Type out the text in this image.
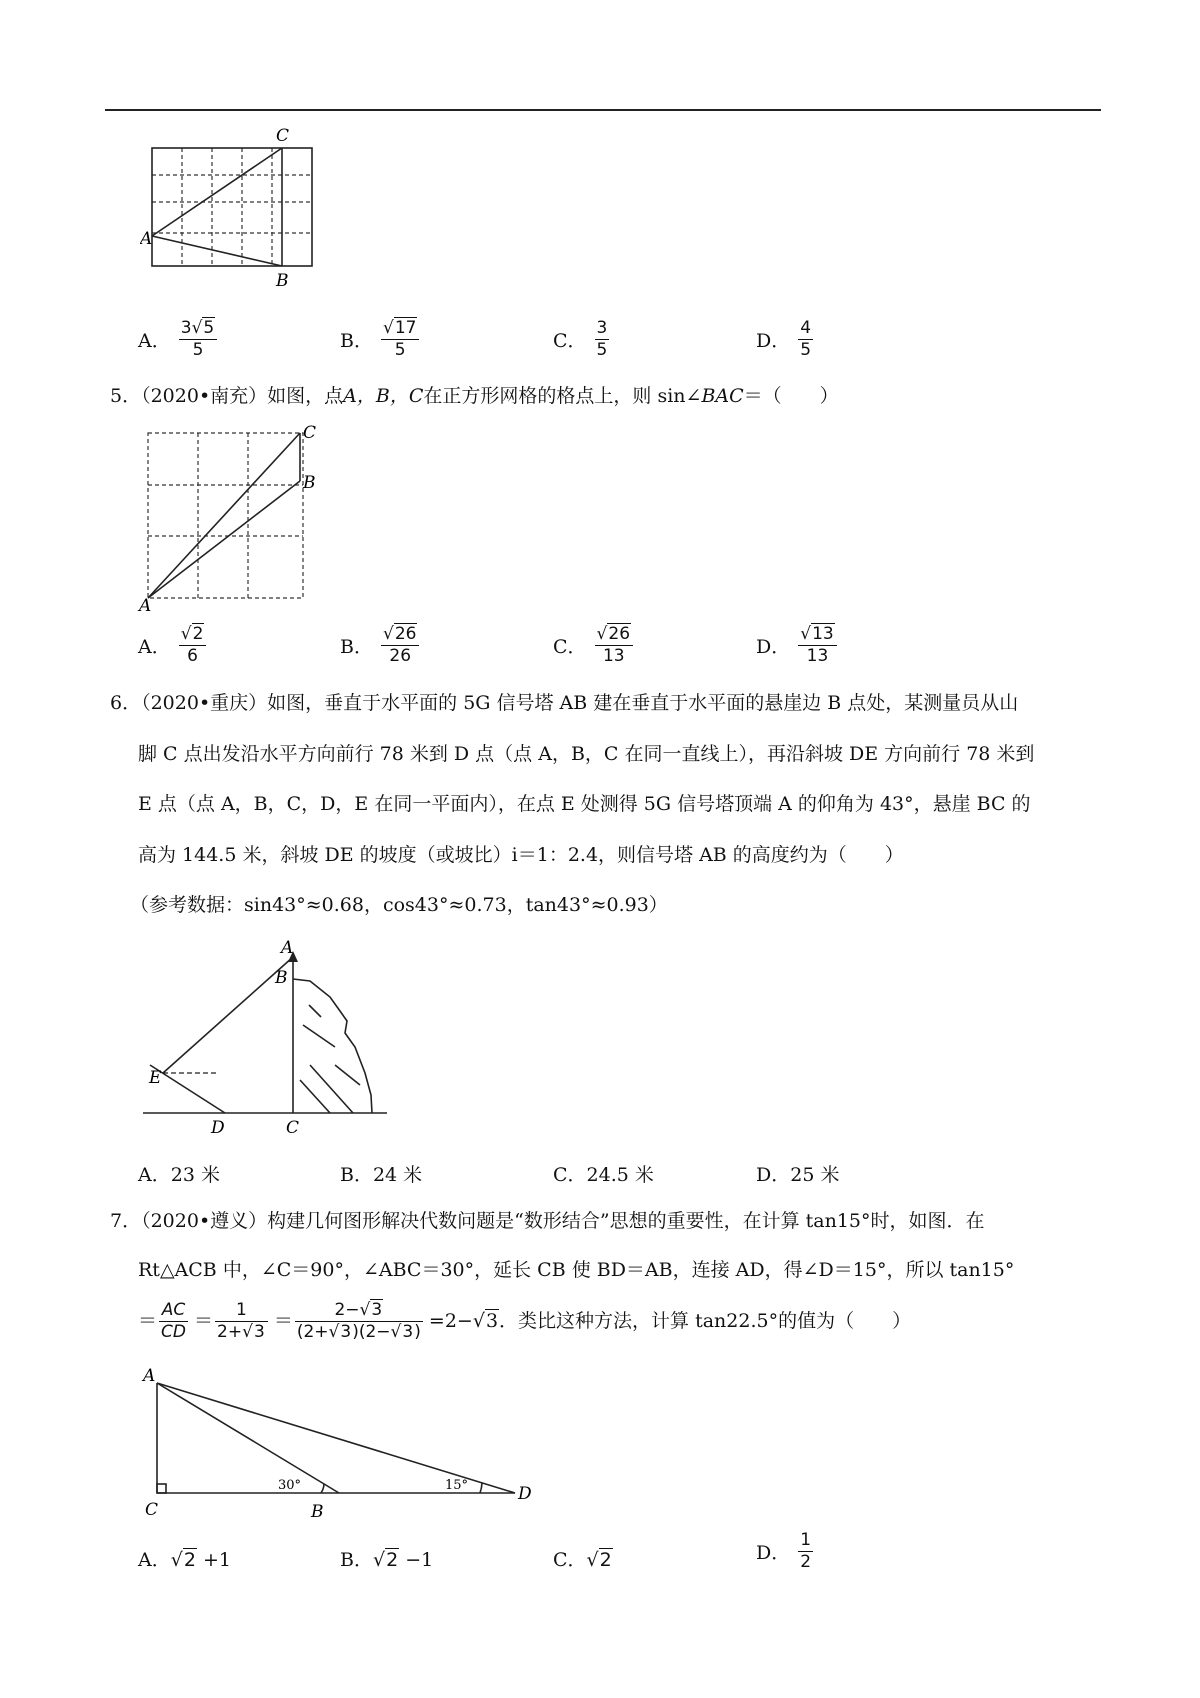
C
A
B
A． $\frac{3√5}{5}$	B． $\frac{√17}{5}$	C． $\frac{3}{5}$	D． $\frac{4}{5}$
5．（2020•南充）如图，点A，B，C在正方形网格的格点上，则 sin∠BAC＝（　　）
C
B
A
A． $\frac{√2}{6}$	B． $\frac{√26}{26}$	C． $\frac{√26}{13}$	D． $\frac{√13}{13}$
6．（2020•重庆）如图，垂直于水平面的 5G 信号塔 AB 建在垂直于水平面的悬崖边 B 点处，某测量员从山
脚 C 点出发沿水平方向前行 78 米到 D 点（点 A，B，C 在同一直线上），再沿斜坡 DE 方向前行 78 米到
E 点（点 A，B，C，D，E 在同一平面内），在点 E 处测得 5G 信号塔顶端 A 的仰角为 43°，悬崖 BC 的
高为 144.5 米，斜坡 DE 的坡度（或坡比）i＝1：2.4，则信号塔 AB 的高度约为（　　）
（参考数据：sin43°≈0.68，cos43°≈0.73，tan43°≈0.93）
A
B
E
D	C
A．23 米	B．24 米	C．24.5 米	D．25 米
7．（2020•遵义）构建几何图形解决代数问题是“数形结合”思想的重要性，在计算 tan15°时，如图．在
Rt△ACB 中，∠C＝90°，∠ABC＝30°，延长 CB 使 BD＝AB，连接 AD，得∠D＝15°，所以 tan15°
＝ $\frac{AC}{CD} = \frac{1}{2+√3} = \frac{2-√3}{(2+√3)(2-√3)} =2-√3$．类比这种方法，计算 tan22.5°的值为（　　）
A
C	B
D
30°	15°
A．√2 +1	B．√2 −1	C．√2	D． $\frac{1}{2}$
